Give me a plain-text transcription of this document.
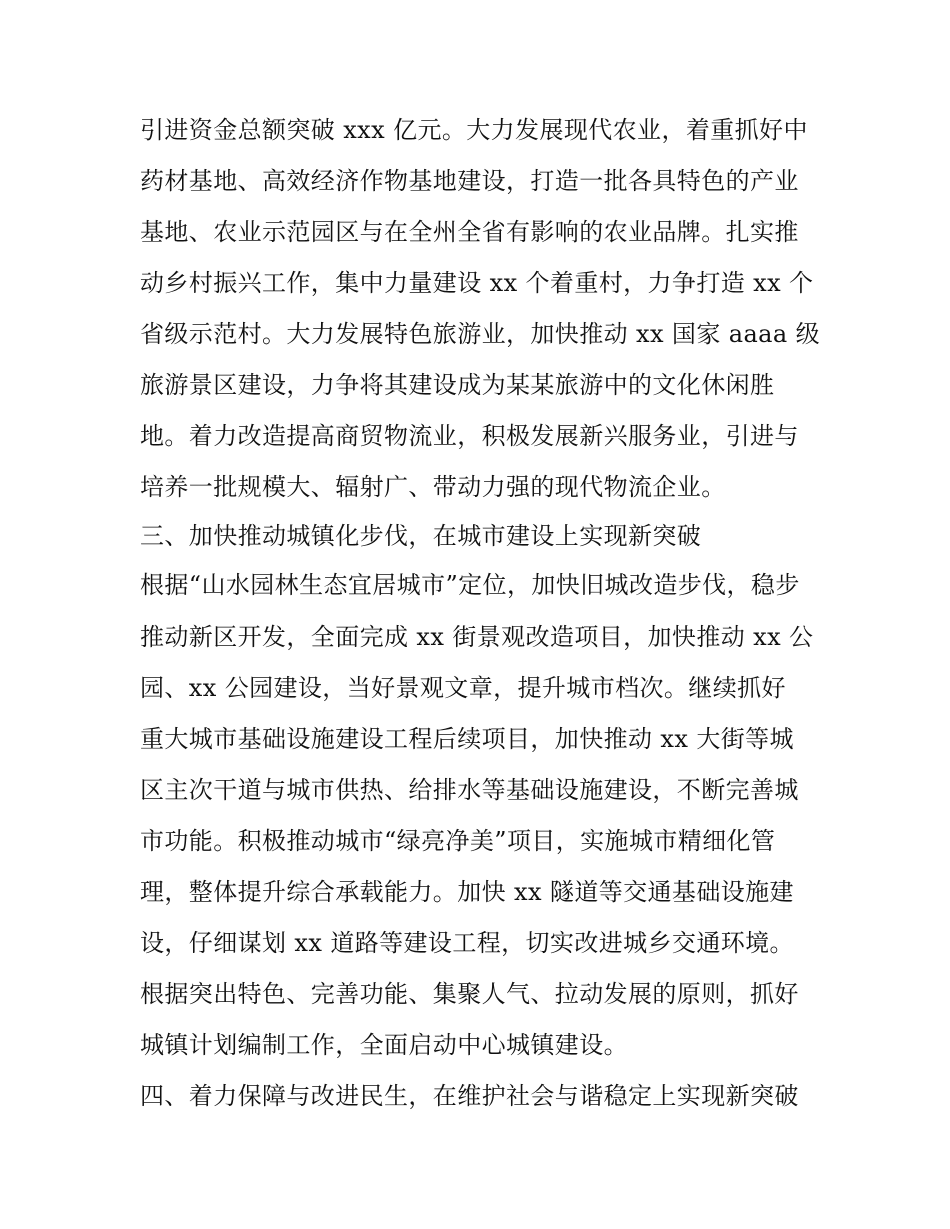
引进资金总额突破 xxx 亿元。大力发展现代农业，着重抓好中
药材基地、高效经济作物基地建设，打造一批各具特色的产业
基地、农业示范园区与在全州全省有影响的农业品牌。扎实推
动乡村振兴工作，集中力量建设 xx 个着重村，力争打造 xx 个
省级示范村。大力发展特色旅游业，加快推动 xx 国家 aaaa 级
旅游景区建设，力争将其建设成为某某旅游中的文化休闲胜
地。着力改造提高商贸物流业，积极发展新兴服务业，引进与
培养一批规模大、辐射广、带动力强的现代物流企业。
三、加快推动城镇化步伐，在城市建设上实现新突破
根据“山水园林生态宜居城市”定位，加快旧城改造步伐，稳步
推动新区开发，全面完成 xx 街景观改造项目，加快推动 xx 公
园、xx 公园建设，当好景观文章，提升城市档次。继续抓好
重大城市基础设施建设工程后续项目，加快推动 xx 大街等城
区主次干道与城市供热、给排水等基础设施建设，不断完善城
市功能。积极推动城市“绿亮净美”项目，实施城市精细化管
理，整体提升综合承载能力。加快 xx 隧道等交通基础设施建
设，仔细谋划 xx 道路等建设工程，切实改进城乡交通环境。
根据突出特色、完善功能、集聚人气、拉动发展的原则，抓好
城镇计划编制工作，全面启动中心城镇建设。
四、着力保障与改进民生，在维护社会与谐稳定上实现新突破
